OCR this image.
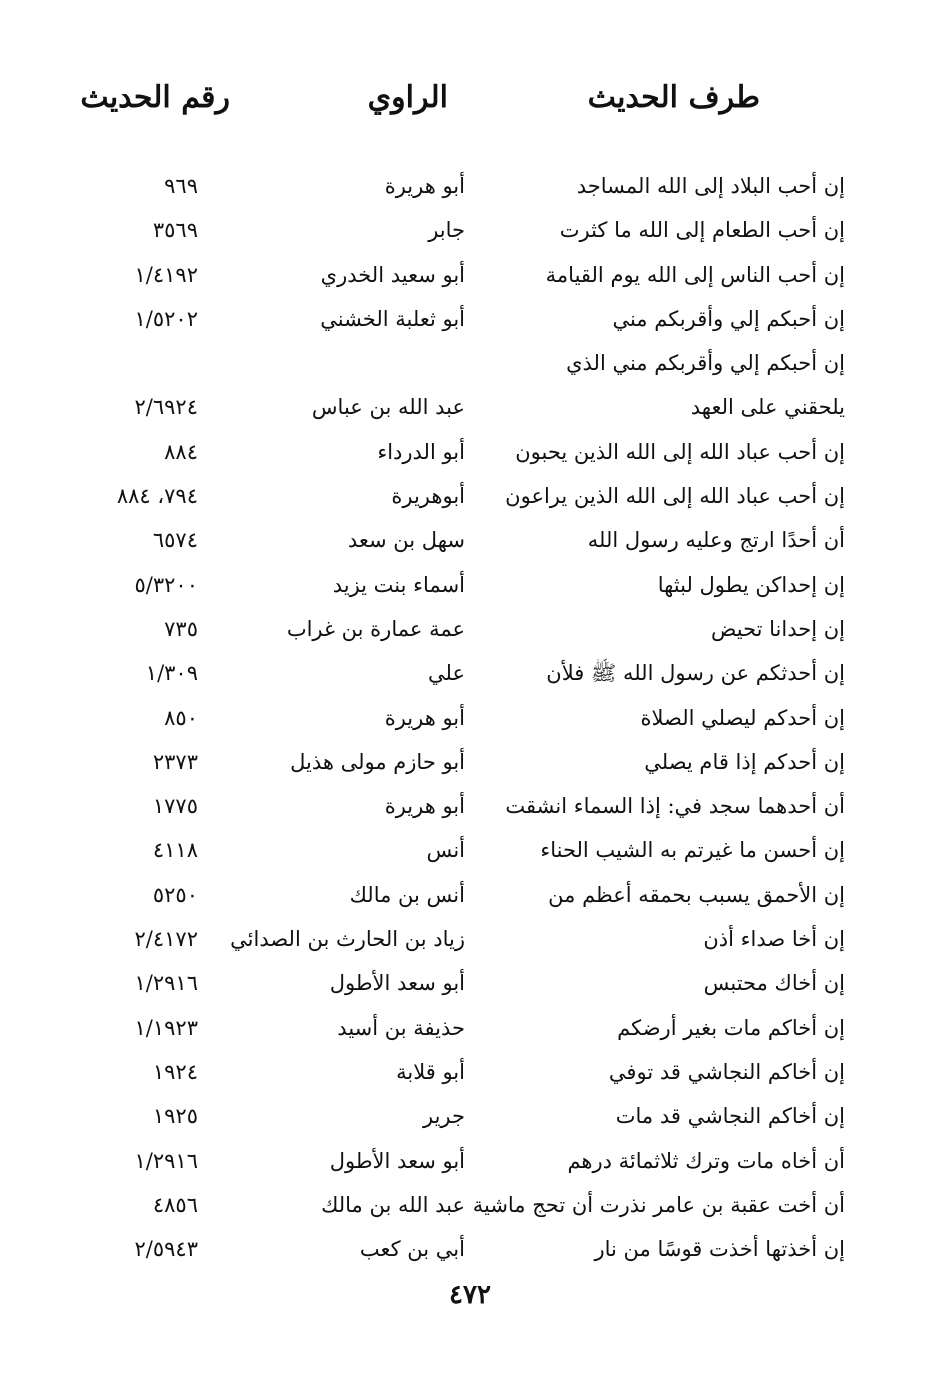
طرف الحديث
الراوي
رقم الحديث
إن أحب البلاد إلى الله المساجد
أبو هريرة
٩٦٩
إن أحب الطعام إلى الله ما كثرت
جابر
٣٥٦٩
إن أحب الناس إلى الله يوم القيامة
أبو سعيد الخدري
١/٤١٩٢
إن أحبكم إلي وأقربكم مني
أبو ثعلبة الخشني
١/٥٢٠٢
إن أحبكم إلي وأقربكم مني الذي
يلحقني على العهد
عبد الله بن عباس
٢/٦٩٢٤
إن أحب عباد الله إلى الله الذين يحبون
أبو الدرداء
٨٨٤
إن أحب عباد الله إلى الله الذين يراعون
أبوهريرة
٧٩٤، ٨٨٤
أن أحدًا ارتج وعليه رسول الله
سهل بن سعد
٦٥٧٤
إن إحداكن يطول لبثها
أسماء بنت يزيد
٥/٣٢٠٠
إن إحدانا تحيض
عمة عمارة بن غراب
٧٣٥
إن أحدثكم عن رسول الله ﷺ فلأن
علي
١/٣٠٩
إن أحدكم ليصلي الصلاة
أبو هريرة
٨٥٠
إن أحدكم إذا قام يصلي
أبو حازم مولى هذيل
٢٣٧٣
أن أحدهما سجد في: إذا السماء انشقت
أبو هريرة
١٧٧٥
إن أحسن ما غيرتم به الشيب الحناء
أنس
٤١١٨
إن الأحمق يسبب بحمقه أعظم من
أنس بن مالك
٥٢٥٠
إن أخا صداء أذن
زياد بن الحارث بن الصدائي
٢/٤١٧٢
إن أخاك محتبس
أبو سعد الأطول
١/٢٩١٦
إن أخاكم مات بغير أرضكم
حذيفة بن أسيد
١/١٩٢٣
إن أخاكم النجاشي قد توفي
أبو قلابة
١٩٢٤
إن أخاكم النجاشي قد مات
جرير
١٩٢٥
أن أخاه مات وترك ثلاثمائة درهم
أبو سعد الأطول
١/٢٩١٦
أن أخت عقبة بن عامر نذرت أن تحج ماشية
عبد الله بن مالك
٤٨٥٦
إن أخذتها أخذت قوسًا من نار
أبي بن كعب
٢/٥٩٤٣
٤٧٢
